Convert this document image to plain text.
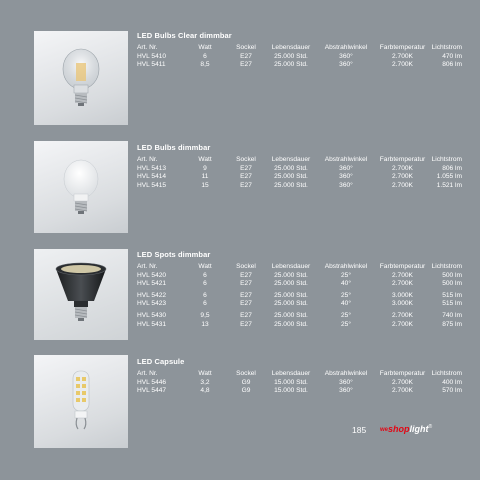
LED Bulbs Clear dimmbar
Art. Nr.	Watt	Sockel	Lebensdauer	Abstrahlwinkel	Farbtemperatur	Lichtstrom
HVL 5410	6	E27	25.000 Std.	360°	2.700K	470 lm
HVL 5411	8,5	E27	25.000 Std.	360°	2.700K	806 lm
LED Bulbs dimmbar
Art. Nr.	Watt	Sockel	Lebensdauer	Abstrahlwinkel	Farbtemperatur	Lichtstrom
HVL 5413	9	E27	25.000 Std.	360°	2.700K	806 lm
HVL 5414	11	E27	25.000 Std.	360°	2.700K	1.055 lm
HVL 5415	15	E27	25.000 Std.	360°	2.700K	1.521 lm
LED Spots dimmbar
Art. Nr.	Watt	Sockel	Lebensdauer	Abstrahlwinkel	Farbtemperatur	Lichtstrom
HVL 5420	6	E27	25.000 Std.	25°	2.700K	500 lm
HVL 5421	6	E27	25.000 Std.	40°	2.700K	500 lm
HVL 5422	6	E27	25.000 Std.	25°	3.000K	515 lm
HVL 5423	6	E27	25.000 Std.	40°	3.000K	515 lm
HVL 5430	9,5	E27	25.000 Std.	25°	2.700K	740 lm
HVL 5431	13	E27	25.000 Std.	25°	2.700K	875 lm
LED Capsule
Art. Nr.	Watt	Sockel	Lebensdauer	Abstrahlwinkel	Farbtemperatur	Lichtstrom
HVL 5446	3,2	G9	15.000 Std.	360°	2.700K	400 lm
HVL 5447	4,8	G9	15.000 Std.	360°	2.700K	570 lm
185 weshoplight®
